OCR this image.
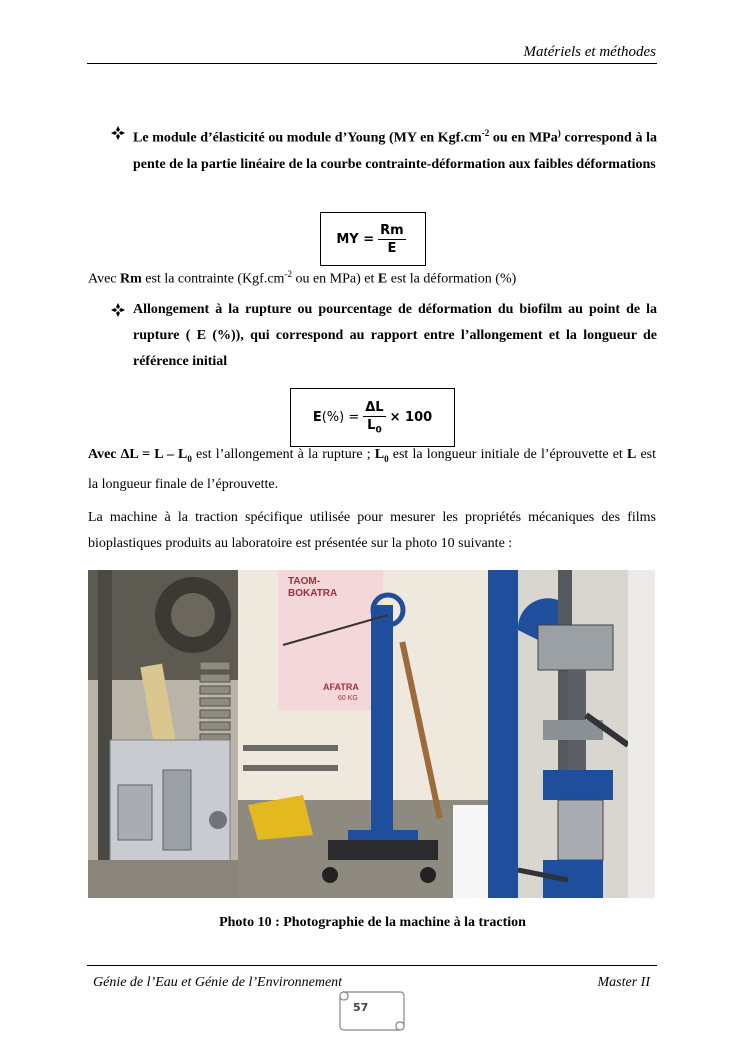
Matériels et méthodes
Le module d’élasticité ou module d’Young (MY en $Kgf.cm^{-2}$ ou en MPa) correspond à la pente de la partie linéaire de la courbe contrainte-déformation aux faibles déformations
MY = $\frac{Rm}{E}$
Avec Rm est la contrainte ($Kgf.cm^{-2}$ ou en MPa) et E est la déformation (%)
Allongement à la rupture ou pourcentage de déformation du biofilm au point de la rupture ( E (%)), qui correspond au rapport entre l’allongement et la longueur de référence initial
E (%) = $\frac{\Delta L}{L_0} \times 100$
Avec $\Delta L = L - L_0$ est l’allongement à la rupture ; $L_0$ est la longueur initiale de l’éprouvette et L est la longueur finale de l’éprouvette.
La machine à la traction spécifique utilisée pour mesurer les propriétés mécaniques des films bioplastiques produits au laboratoire est présentée sur la photo 10 suivante :
TAOM-
BOKATRA
AFATRA
60 KG
Photo 10 : Photographie de la machine à la traction
Génie de l’Eau et Génie de l’Environnement	Master II
57
